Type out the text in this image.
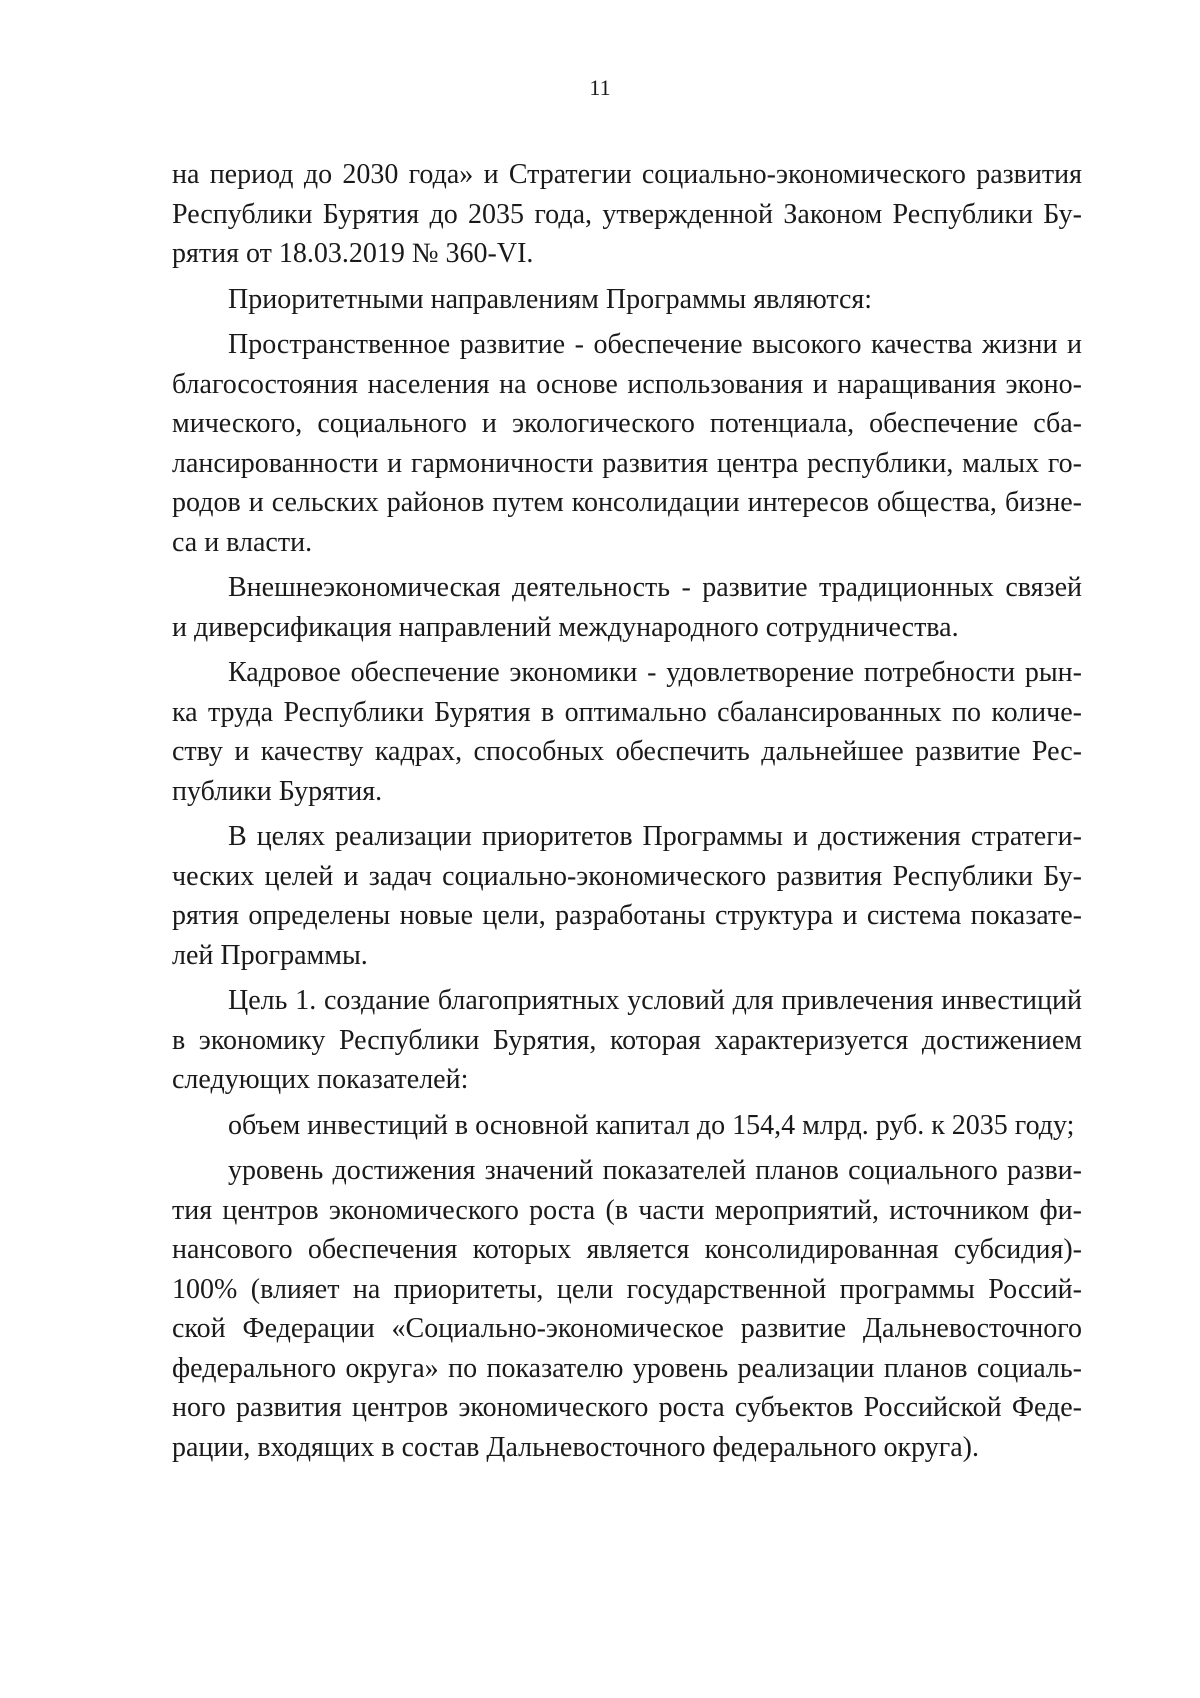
11
на период до 2030 года» и Стратегии социально-экономического развития
Республики Бурятия до 2035 года, утвержденной Законом Республики Бу-
рятия от 18.03.2019 № 360-VI.
Приоритетными направлениям Программы являются:
Пространственное развитие - обеспечение высокого качества жизни и
благосостояния населения на основе использования и наращивания эконо-
мического, социального и экологического потенциала, обеспечение сба-
лансированности и гармоничности развития центра республики, малых го-
родов и сельских районов путем консолидации интересов общества, бизне-
са и власти.
Внешнеэкономическая деятельность - развитие традиционных связей
и диверсификация направлений международного сотрудничества.
Кадровое обеспечение экономики - удовлетворение потребности рын-
ка труда Республики Бурятия в оптимально сбалансированных по количе-
ству и качеству кадрах, способных обеспечить дальнейшее развитие Рес-
публики Бурятия.
В целях реализации приоритетов Программы и достижения стратеги-
ческих целей и задач социально-экономического развития Республики Бу-
рятия определены новые цели, разработаны структура и система показате-
лей Программы.
Цель 1. создание благоприятных условий для привлечения инвестиций
в экономику Республики Бурятия, которая характеризуется достижением
следующих показателей:
объем инвестиций в основной капитал до 154,4 млрд. руб. к 2035 году;
уровень достижения значений показателей планов социального разви-
тия центров экономического роста (в части мероприятий, источником фи-
нансового обеспечения которых является консолидированная субсидия)-
100% (влияет на приоритеты, цели государственной программы Россий-
ской Федерации «Социально-экономическое развитие Дальневосточного
федерального округа» по показателю уровень реализации планов социаль-
ного развития центров экономического роста субъектов Российской Феде-
рации, входящих в состав Дальневосточного федерального округа).
